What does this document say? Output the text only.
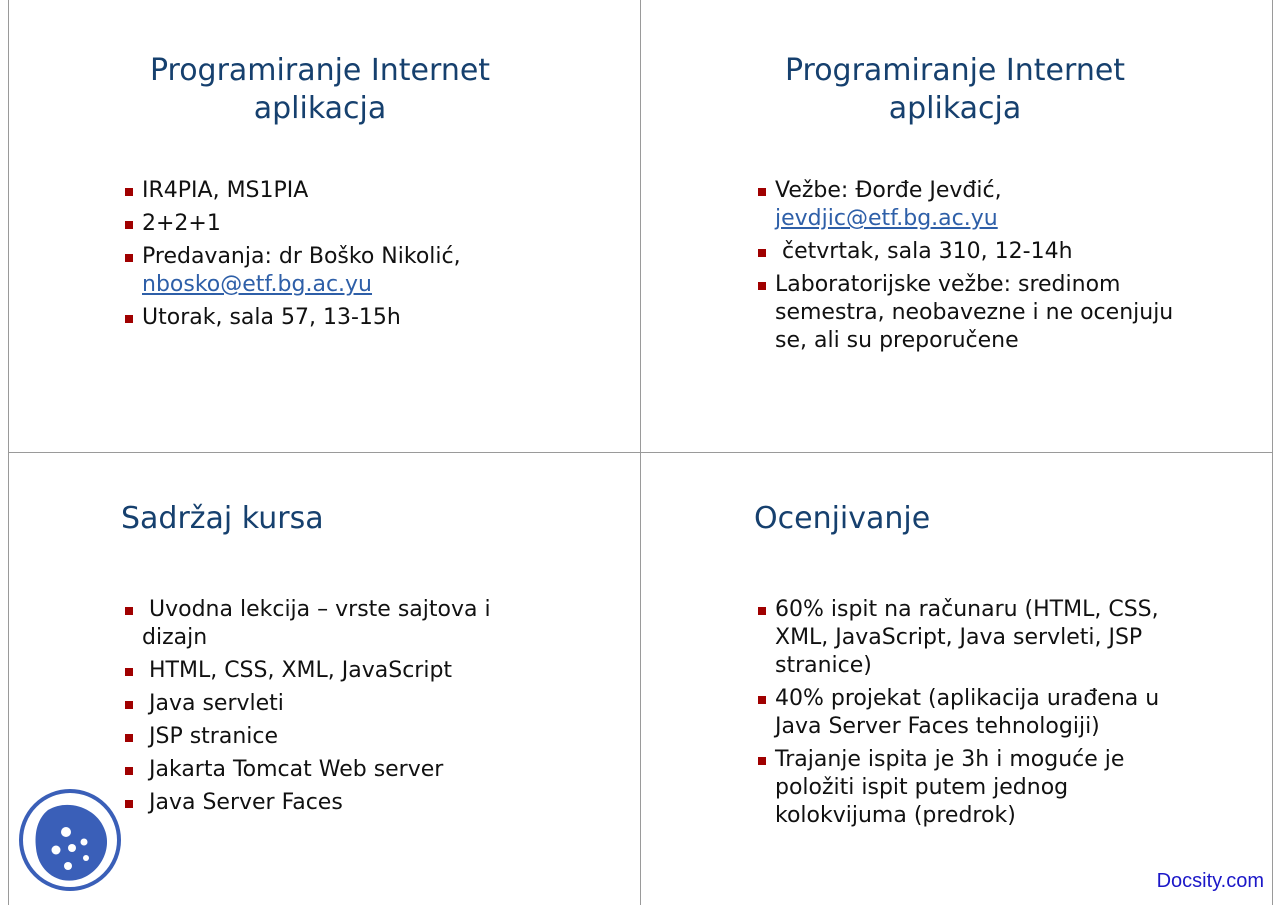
Programiranje Internet
aplikacja
IR4PIA, MS1PIA
2+2+1
Predavanja: dr Boško Nikolić,
nbosko@etf.bg.ac.yu
Utorak, sala 57, 13-15h
Programiranje Internet
aplikacja
Vežbe: Đorđe Jevđić,
jevdjic@etf.bg.ac.yu
četvrtak, sala 310, 12-14h
Laboratorijske vežbe: sredinom
semestra, neobavezne i ne ocenjuju
se, ali su preporučene
Sadržaj kursa
Uvodna lekcija – vrste sajtova i
dizajn
HTML, CSS, XML, JavaScript
Java servleti
JSP stranice
Jakarta Tomcat Web server
Java Server Faces
Ocenjivanje
60% ispit na računaru (HTML, CSS,
XML, JavaScript, Java servleti, JSP
stranice)
40% projekat (aplikacija urađena u
Java Server Faces tehnologiji)
Trajanje ispita je 3h i moguće je
položiti ispit putem jednog
kolokvijuma (predrok)
Docsity.com
